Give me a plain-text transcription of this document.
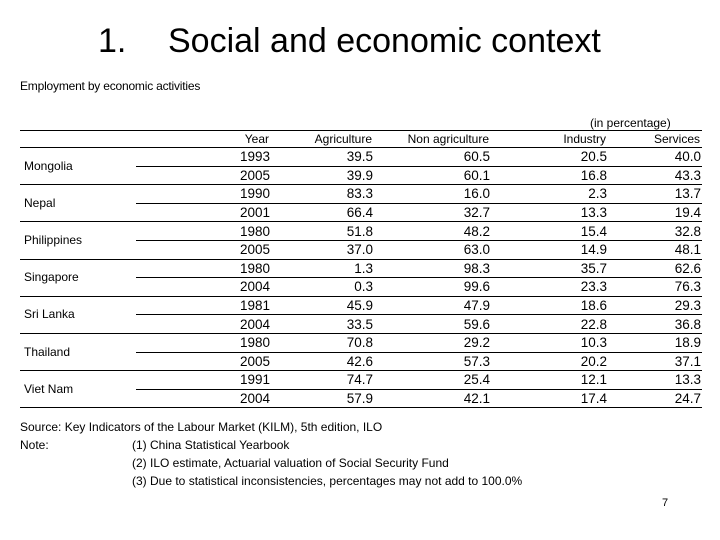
1. Social and economic context
Employment by economic activities
(in percentage)
	Year	Agriculture	Non agriculture	Industry	Services
Mongolia	1993	39.5	60.5	20.5	40.0
	2005	39.9	60.1	16.8	43.3
Nepal	1990	83.3	16.0	2.3	13.7
	2001	66.4	32.7	13.3	19.4
Philippines	1980	51.8	48.2	15.4	32.8
	2005	37.0	63.0	14.9	48.1
Singapore	1980	1.3	98.3	35.7	62.6
	2004	0.3	99.6	23.3	76.3
Sri Lanka	1981	45.9	47.9	18.6	29.3
	2004	33.5	59.6	22.8	36.8
Thailand	1980	70.8	29.2	10.3	18.9
	2005	42.6	57.3	20.2	37.1
Viet Nam	1991	74.7	25.4	12.1	13.3
	2004	57.9	42.1	17.4	24.7
Source: Key Indicators of the Labour Market (KILM), 5th edition, ILO
Note:	(1) China Statistical Yearbook
(2) ILO estimate, Actuarial valuation of Social Security Fund
(3) Due to statistical inconsistencies, percentages may not add to 100.0%
7
